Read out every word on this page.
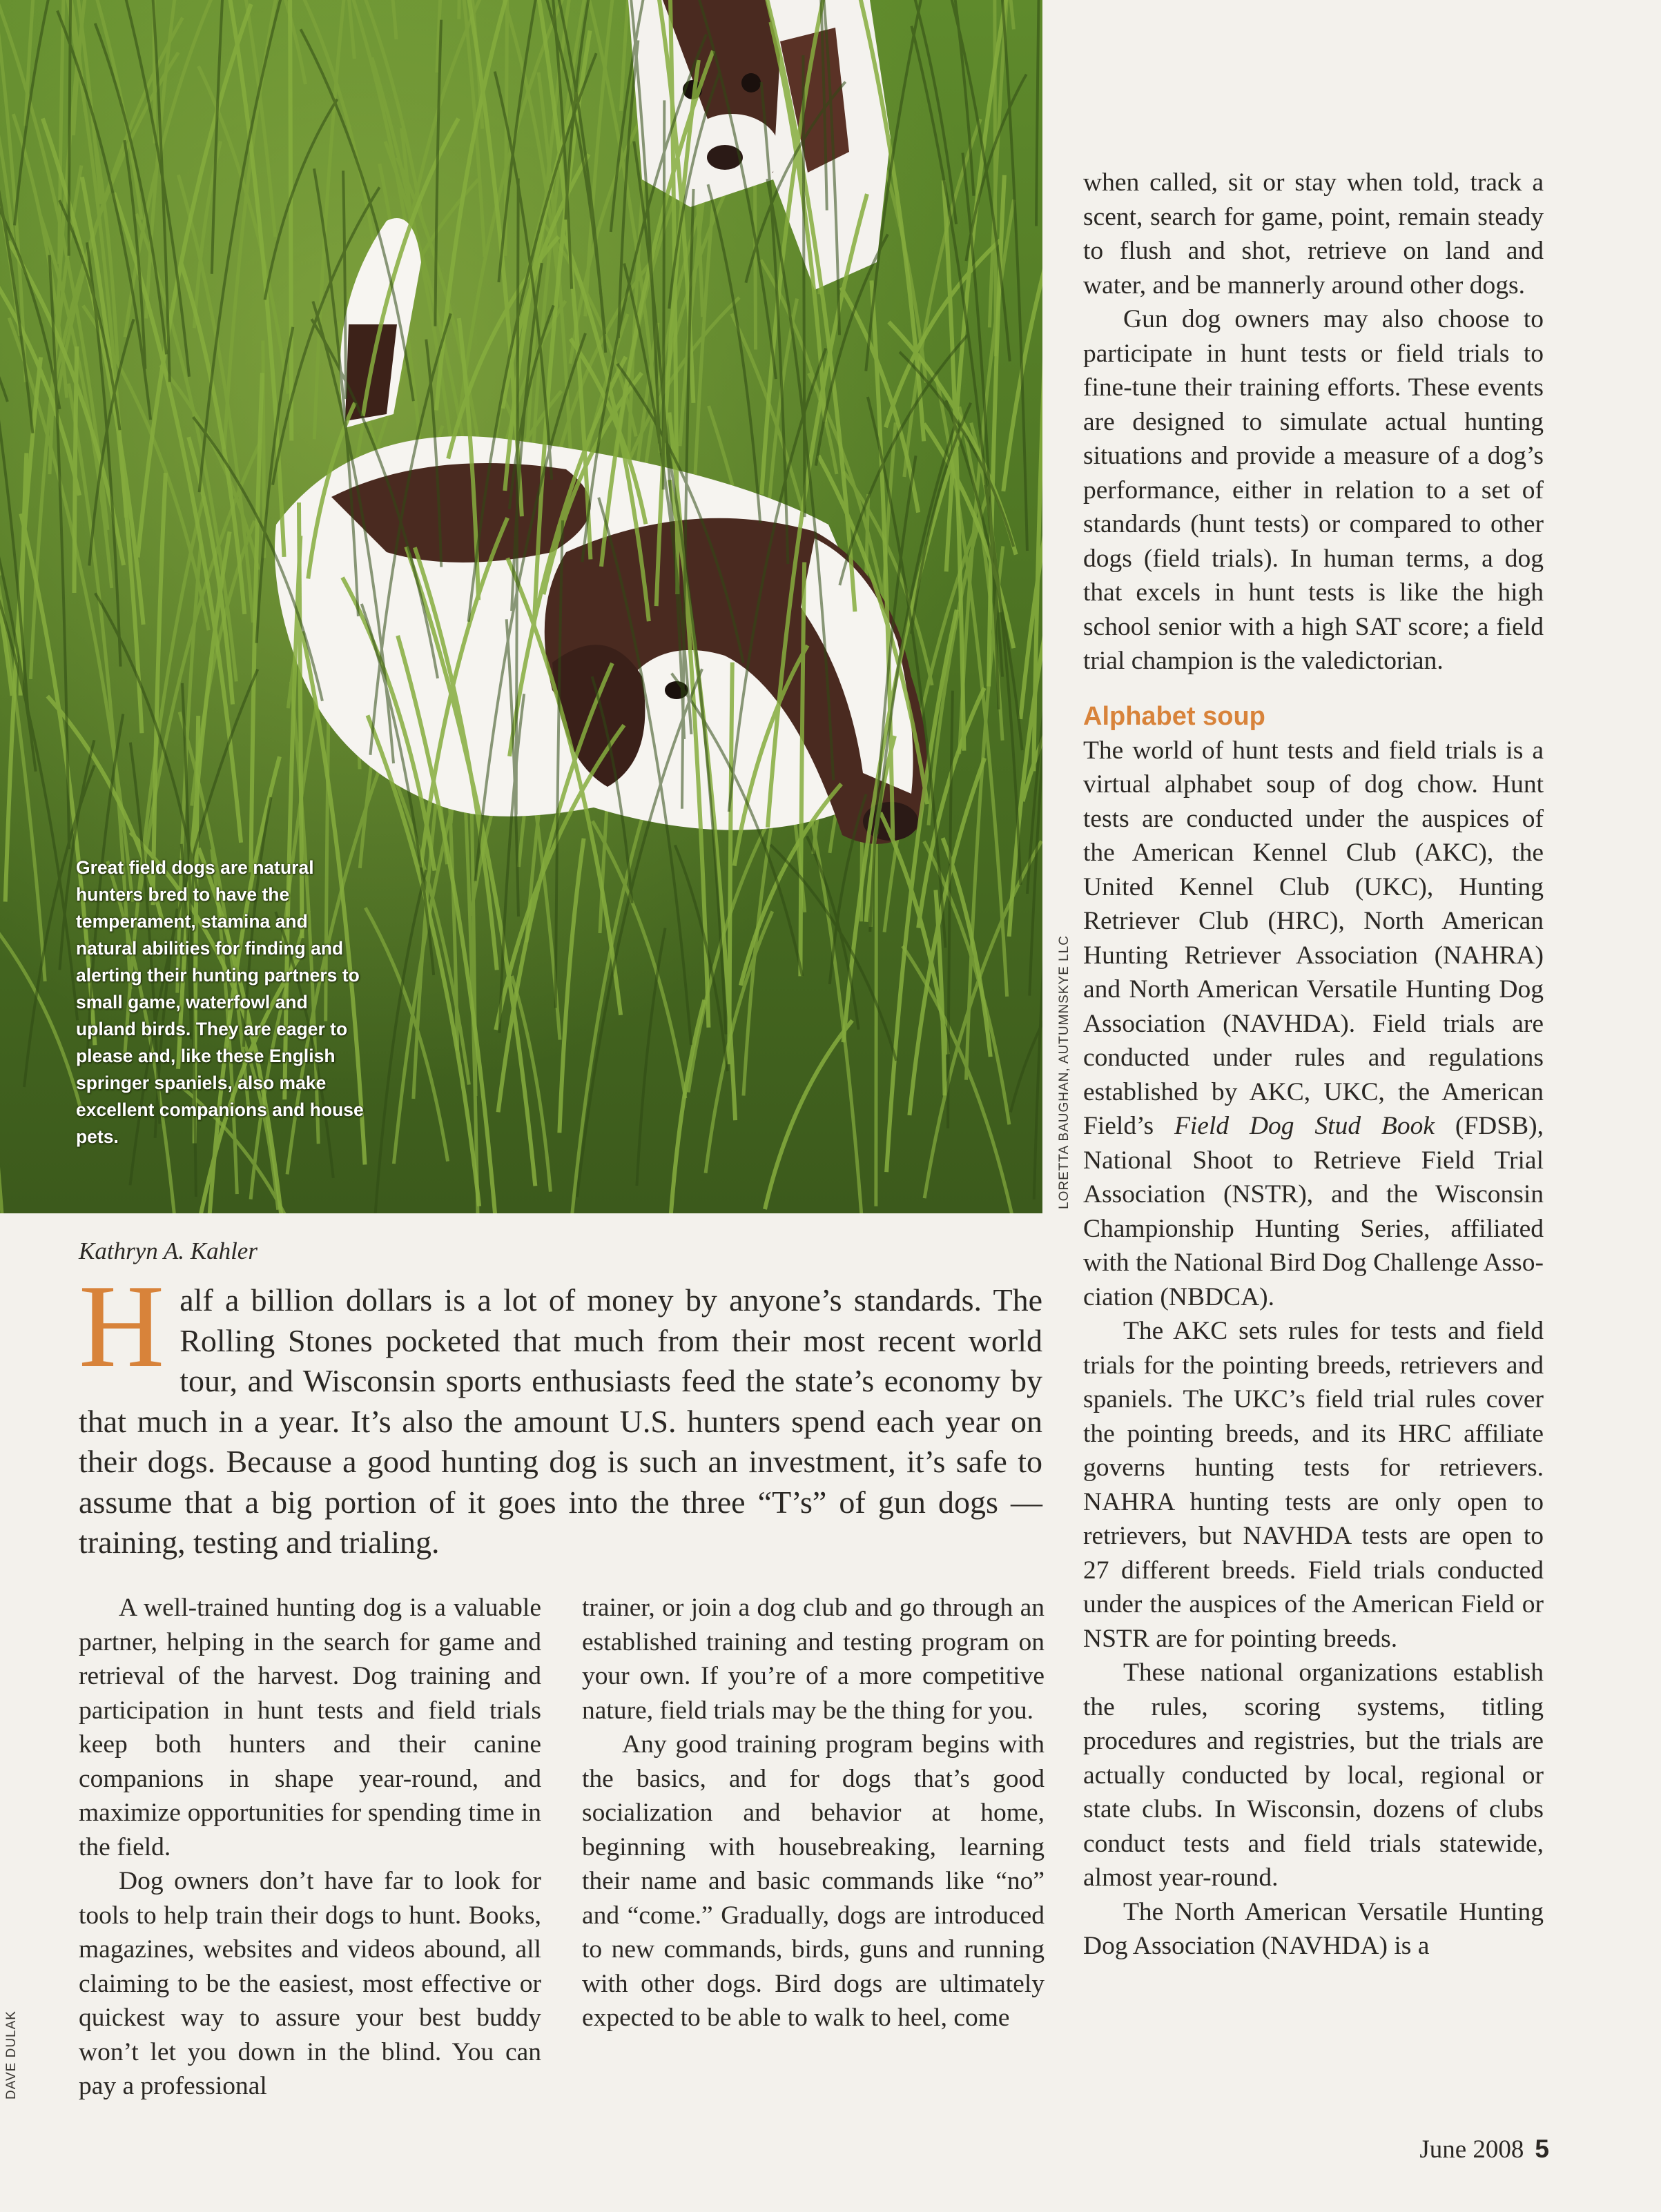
Great field dogs are natural hunters bred to have the temperament, stamina and natural abilities for finding and alerting their hunting partners to small game, waterfowl and upland birds. They are eager to please and, like these English springer spaniels, also make excellent companions and house pets.	LORETTA BAUGHAN, AUTUMNSKYE LLC
DAVE DULAK

when called, sit or stay when told, track a scent, search for game, point, remain steady to flush and shot, retrieve on land and water, and be mannerly around other dogs.

Gun dog owners may also choose to participate in hunt tests or field trials to fine-tune their training efforts. These events are designed to simulate actual hunting situations and provide a measure of a dog’s performance, either in relation to a set of standards (hunt tests) or compared to other dogs (field trials). In human terms, a dog that excels in hunt tests is like the high school senior with a high SAT score; a field trial champion is the valedictorian.

Alphabet soup

The world of hunt tests and field trials is a virtual alphabet soup of dog chow. Hunt tests are conducted under the auspices of the American Kennel Club (AKC), the United Kennel Club (UKC), Hunting Retriever Club (HRC), North American Hunting Retriever Association (NAHRA) and North American Versatile Hunting Dog Association (NAVHDA). Field trials are conducted under rules and regulations established by AKC, UKC, the American Field’s Field Dog Stud Book (FDSB), National Shoot to Retrieve Field Trial Association (NSTR), and the Wisconsin Championship Hunting Series, affiliated with the National Bird Dog Challenge Association (NBDCA).

The AKC sets rules for tests and field trials for the pointing breeds, retrievers and spaniels. The UKC’s field trial rules cover the pointing breeds, and its HRC affiliate governs hunting tests for retrievers. NAHRA hunting tests are only open to retrievers, but NAVHDA tests are open to 27 different breeds. Field trials conducted under the auspices of the American Field or NSTR are for pointing breeds.

These national organizations establish the rules, scoring systems, titling procedures and registries, but the trials are actually conducted by local, regional or state clubs. In Wisconsin, dozens of clubs conduct tests and field trials statewide, almost year-round.

The North American Versatile Hunting Dog Association (NAVHDA) is a

Kathryn A. Kahler

Half a billion dollars is a lot of money by anyone’s standards. The Rolling Stones pocketed that much from their most recent world tour, and Wisconsin sports enthusiasts feed the state’s economy by that much in a year. It’s also the amount U.S. hunters spend each year on their dogs. Because a good hunting dog is such an investment, it’s safe to assume that a big portion of it goes into the three “T’s” of gun dogs — training, testing and trialing.

A well-trained hunting dog is a valuable partner, helping in the search for game and retrieval of the harvest. Dog training and participation in hunt tests and field trials keep both hunters and their canine companions in shape year-round, and maximize opportunities for spending time in the field.

Dog owners don’t have far to look for tools to help train their dogs to hunt. Books, magazines, websites and videos abound, all claiming to be the easiest, most effective or quickest way to assure your best buddy won’t let you down in the blind. You can pay a professional

trainer, or join a dog club and go through an established training and testing program on your own. If you’re of a more competitive nature, field trials may be the thing for you.

Any good training program begins with the basics, and for dogs that’s good socialization and behavior at home, beginning with housebreaking, learning their name and basic commands like “no” and “come.” Gradually, dogs are introduced to new commands, birds, guns and running with other dogs. Bird dogs are ultimately expected to be able to walk to heel, come

June 2008 5
